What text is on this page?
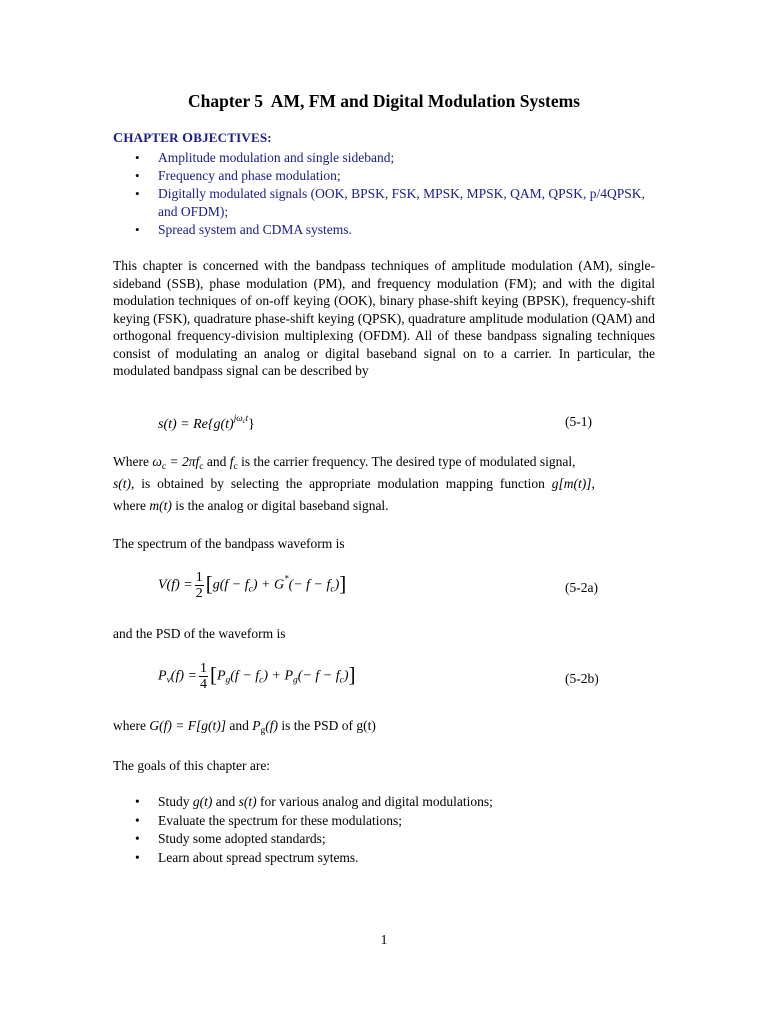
Chapter 5  AM, FM and Digital Modulation Systems
CHAPTER OBJECTIVES:
• Amplitude modulation and single sideband;
• Frequency and phase modulation;
• Digitally modulated signals (OOK, BPSK, FSK, MPSK, MPSK, QAM, QPSK, p/4QPSK, and OFDM);
• Spread system and CDMA systems.
This chapter is concerned with the bandpass techniques of amplitude modulation (AM), single-sideband (SSB), phase modulation (PM), and frequency modulation (FM); and with the digital modulation techniques of on-off keying (OOK), binary phase-shift keying (BPSK), frequency-shift keying (FSK), quadrature phase-shift keying (QPSK), quadrature amplitude modulation (QAM) and orthogonal frequency-division multiplexing (OFDM). All of these bandpass signaling techniques consist of modulating an analog or digital baseband signal on to a carrier. In particular, the modulated bandpass signal can be described by
$s(t) = Re\{g(t)^{j\omega_ct}\}$	(5-1)
Where $\omega_c = 2\pi f_c$ and $f_c$ is the carrier frequency. The desired type of modulated signal,
s(t), is obtained by selecting the appropriate modulation mapping function g[m(t)],
where m(t) is the analog or digital baseband signal.
The spectrum of the bandpass waveform is
$V(f) = \frac{1}{2} [g(f - f_c) + G^*(- f - f_c)]$	(5-2a)
and the PSD of the waveform is
$P_v(f) = \frac{1}{4} [P_g(f - f_c) + P_g(- f - f_c)]$	(5-2b)
where G(f) = F[g(t)] and $P_g(f)$ is the PSD of g(t)
The goals of this chapter are:
• Study g(t) and s(t) for various analog and digital modulations;
• Evaluate the spectrum for these modulations;
• Study some adopted standards;
• Learn about spread spectrum sytems.
1
